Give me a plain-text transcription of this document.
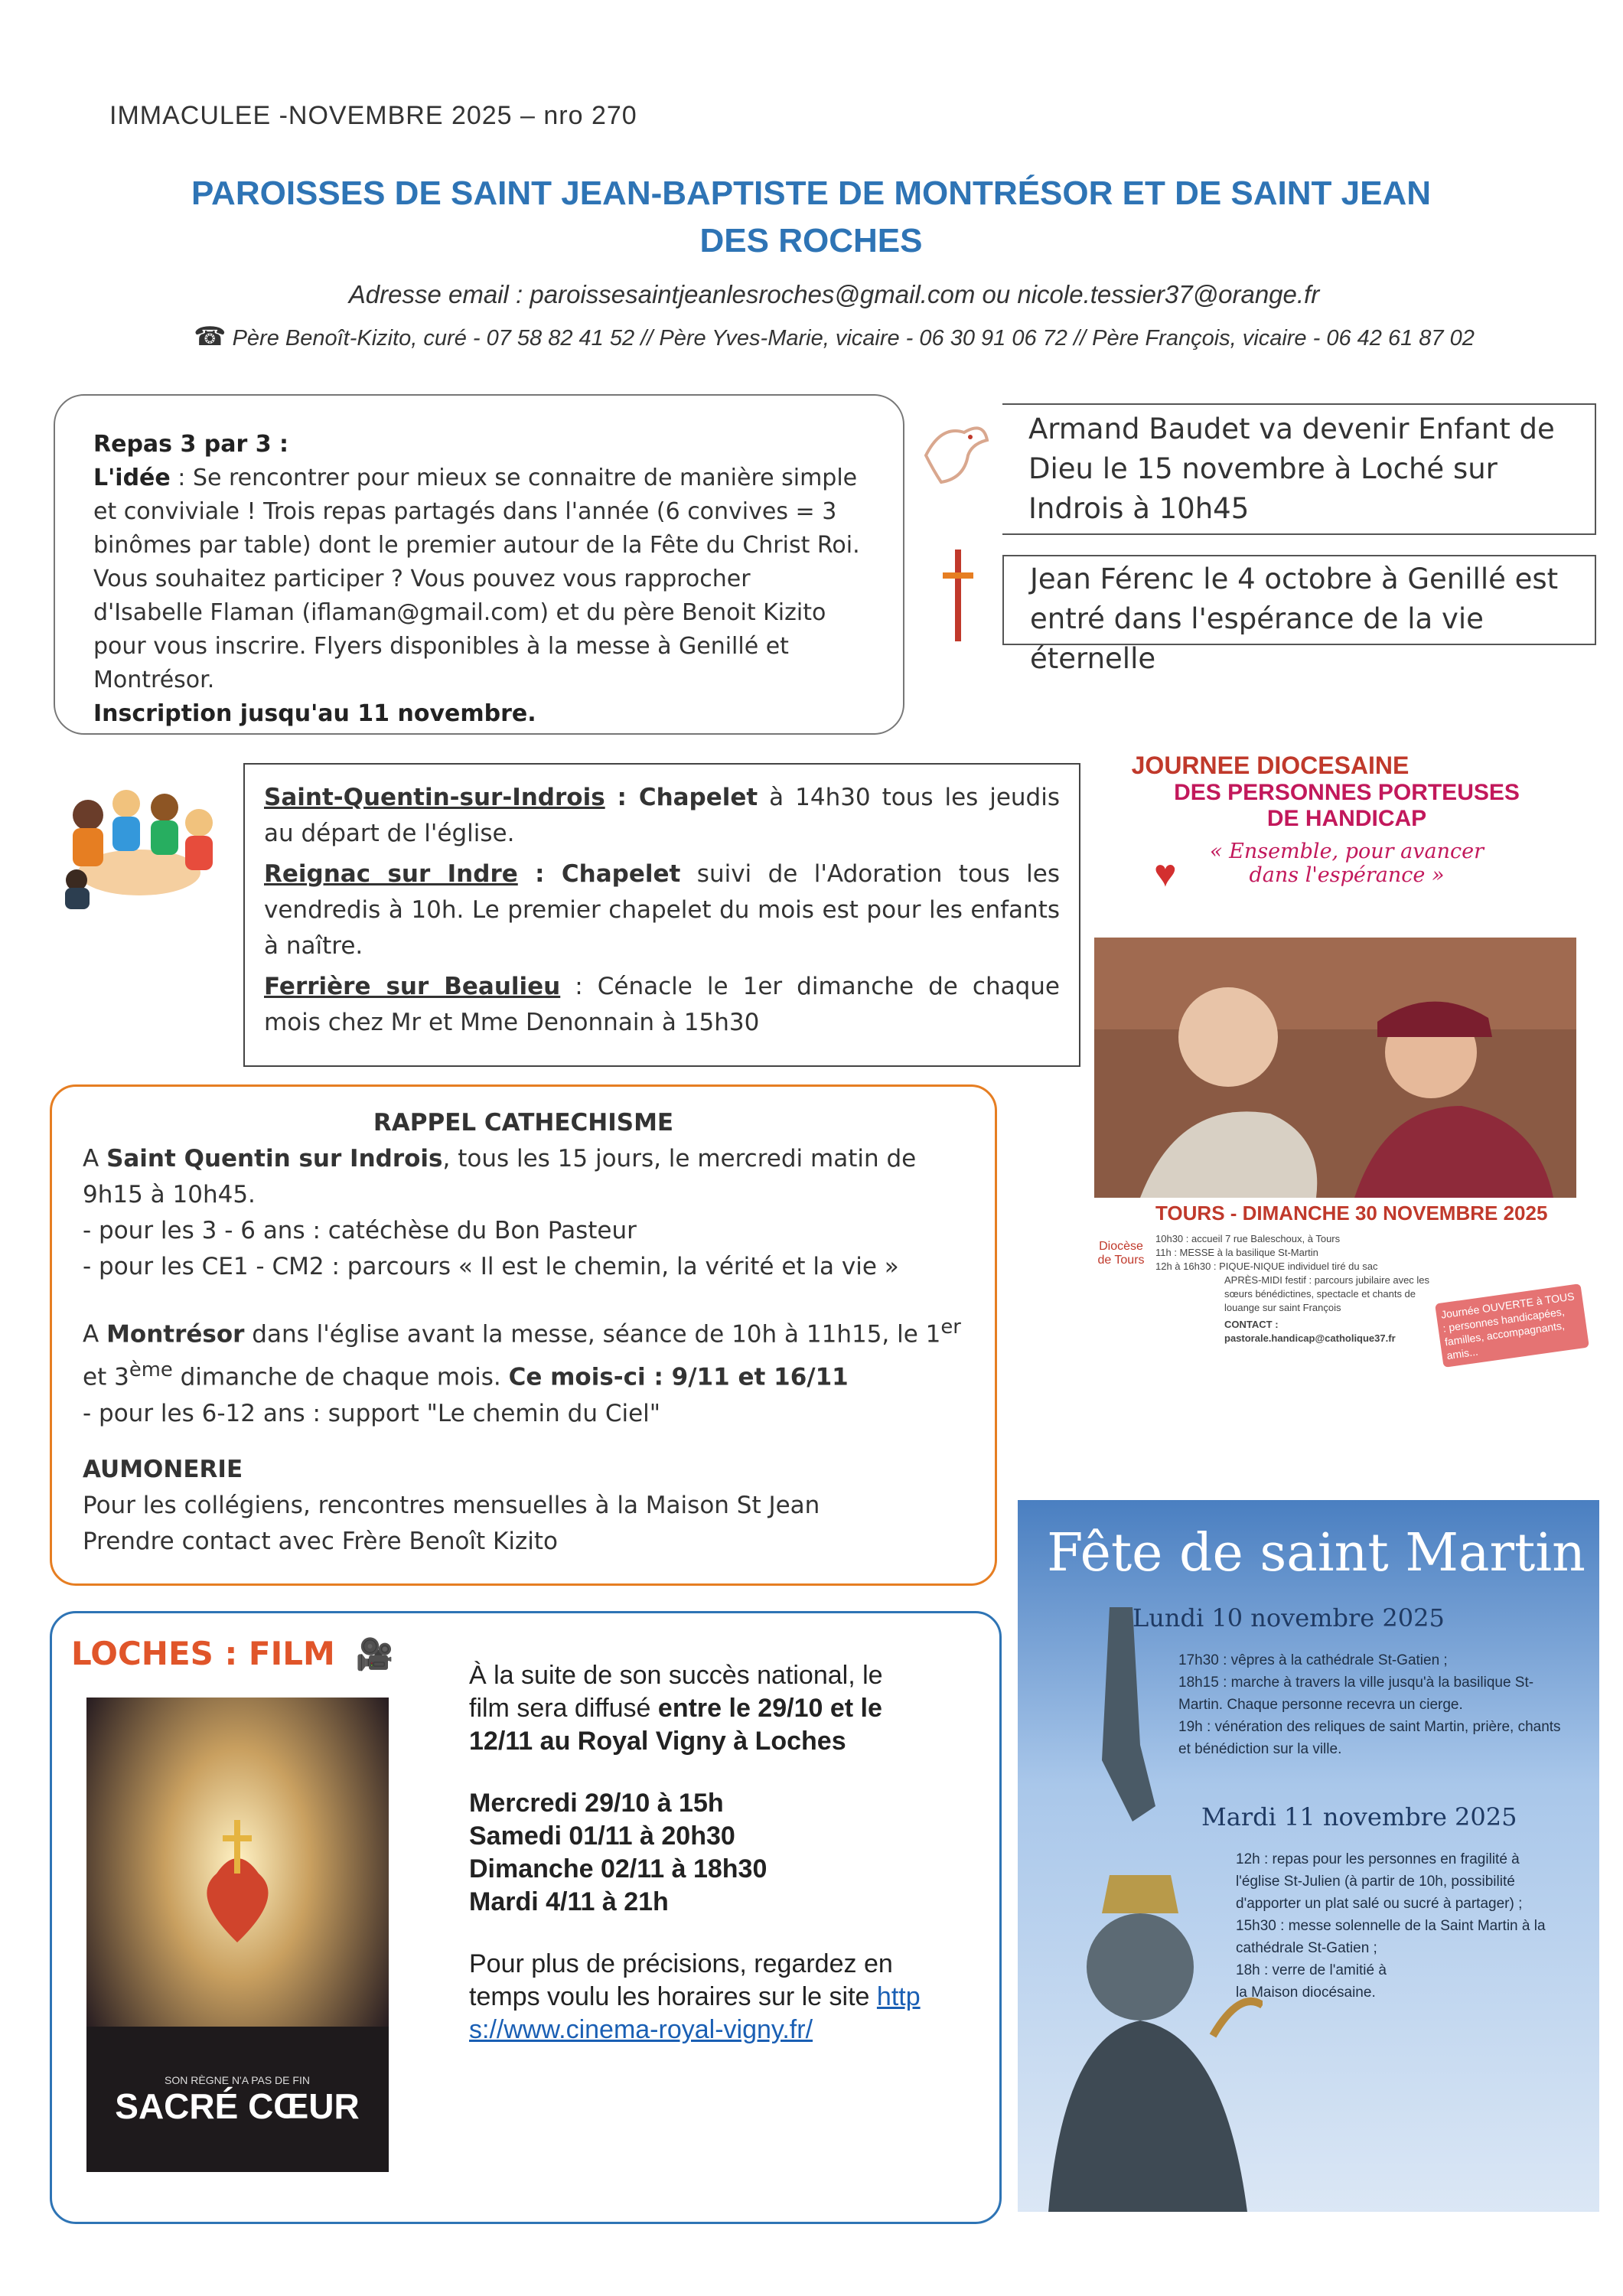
IMMACULEE -NOVEMBRE 2025 – nro 270
PAROISSES DE SAINT JEAN-BAPTISTE DE MONTRÉSOR ET DE SAINT JEAN
DES ROCHES
Adresse email : paroissesaintjeanlesroches@gmail.com ou nicole.tessier37@orange.fr
☎ Père Benoît-Kizito, curé - 07 58 82 41 52 // Père Yves-Marie, vicaire - 06 30 91 06 72 // Père François, vicaire - 06 42 61 87 02
Repas 3 par 3 :
L'idée : Se rencontrer pour mieux se connaitre de manière simple et conviviale ! Trois repas partagés dans l'année (6 convives = 3 binômes par table) dont le premier autour de la Fête du Christ Roi. Vous souhaitez participer ? Vous pouvez vous rapprocher d'Isabelle Flaman (iflaman@gmail.com) et du père Benoit Kizito pour vous inscrire. Flyers disponibles à la messe à Genillé et Montrésor.
Inscription jusqu'au 11 novembre.
Armand Baudet va devenir Enfant de Dieu le 15 novembre à Loché sur Indrois à 10h45
Jean Férenc le 4 octobre à Genillé est entré dans l'espérance de la vie éternelle
Saint-Quentin-sur-Indrois : Chapelet à 14h30 tous les jeudis au départ de l'église.
Reignac sur Indre : Chapelet suivi de l'Adoration tous les vendredis à 10h. Le premier chapelet du mois est pour les enfants à naître.
Ferrière sur Beaulieu : Cénacle le 1er dimanche de chaque mois chez Mr et Mme Denonnain à 15h30
JOURNEE DIOCESAINE
DES PERSONNES PORTEUSES
DE HANDICAP
« Ensemble, pour avancer
dans l'espérance »
♥
Diocèse de Tours
TOURS - DIMANCHE 30 NOVEMBRE 2025
10h30 : accueil 7 rue Baleschoux, à Tours
11h : MESSE à la basilique St-Martin
12h à 16h30 : PIQUE-NIQUE individuel tiré du sac
APRÈS-MIDI festif : parcours jubilaire avec les sœurs bénédictines, spectacle et chants de louange sur saint François
CONTACT : pastorale.handicap@catholique37.fr
Journée OUVERTE à TOUS : personnes handicapées, familles, accompagnants, amis...
RAPPEL CATHECHISME
A Saint Quentin sur Indrois, tous les 15 jours, le mercredi matin de 9h15 à 10h45.
- pour les 3 - 6 ans : catéchèse du Bon Pasteur
- pour les CE1 - CM2 : parcours « Il est le chemin, la vérité et la vie »
A Montrésor dans l'église avant la messe, séance de 10h à 11h15, le 1er et 3ème dimanche de chaque mois. Ce mois-ci : 9/11 et 16/11
- pour les 6-12 ans : support "Le chemin du Ciel"
AUMONERIE
Pour les collégiens, rencontres mensuelles à la Maison St Jean
Prendre contact avec Frère Benoît Kizito	Fête de saint Martin
Lundi 10 novembre 2025
17h30 : vêpres à la cathédrale St-Gatien ;
18h15 : marche à travers la ville jusqu'à la basilique St-Martin. Chaque personne recevra un cierge.
19h : vénération des reliques de saint Martin, prière, chants et bénédiction sur la ville.
Mardi 11 novembre 2025
12h : repas pour les personnes en fragilité à l'église St-Julien (à partir de 10h, possibilité d'apporter un plat salé ou sucré à partager) ;
15h30 : messe solennelle de la Saint Martin à la cathédrale St-Gatien ;
18h : verre de l'amitié à la Maison diocésaine.
LOCHES : FILM 🎥
SON RÈGNE N'A PAS DE FIN
SACRÉ CŒUR

À la suite de son succès national, le film sera diffusé entre le 29/10 et le 12/11 au Royal Vigny à Loches

Mercredi 29/10 à 15h
Samedi 01/11 à 20h30
Dimanche 02/11 à 18h30
Mardi 4/11 à 21h

Pour plus de précisions, regardez en temps voulu les horaires sur le site https://www.cinema-royal-vigny.fr/
